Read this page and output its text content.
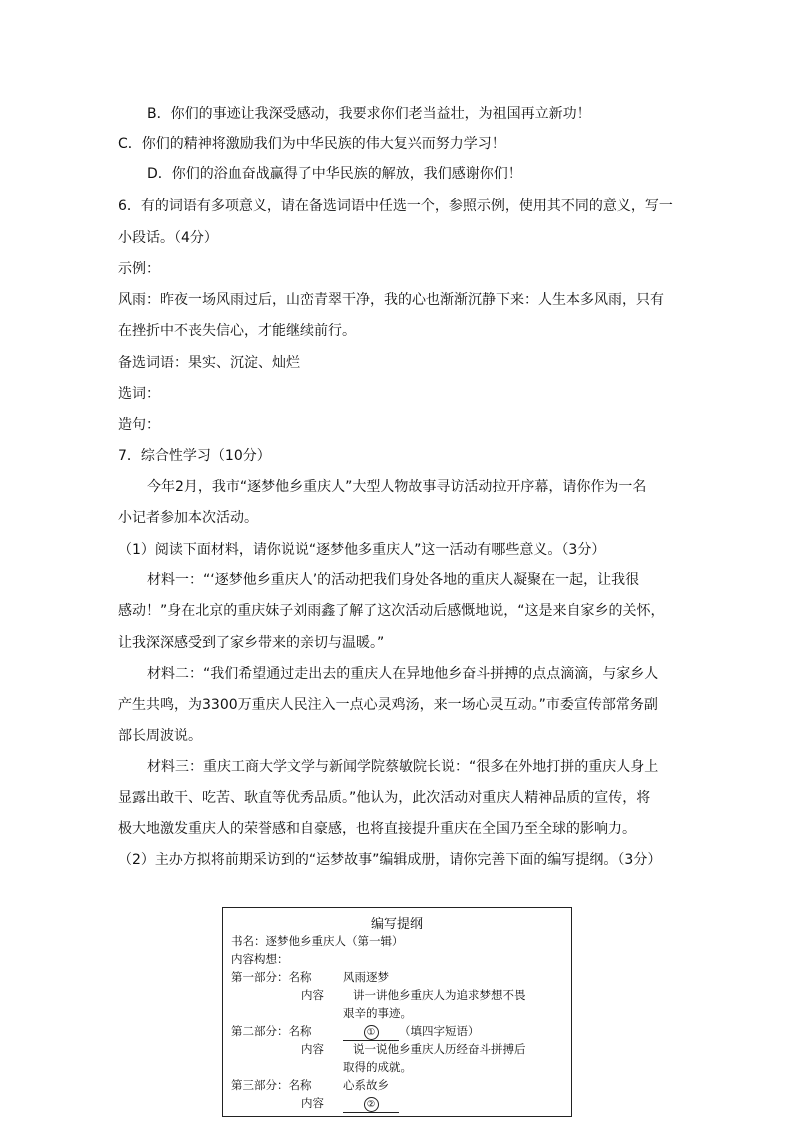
B．你们的事迹让我深受感动，我要求你们老当益壮，为祖国再立新功！
C．你们的精神将激励我们为中华民族的伟大复兴而努力学习！
D．你们的浴血奋战赢得了中华民族的解放，我们感谢你们！
6．有的词语有多项意义，请在备选词语中任选一个，参照示例，使用其不同的意义，写一
小段话。（4分）
示例：
风雨：昨夜一场风雨过后，山峦青翠干净，我的心也渐渐沉静下来：人生本多风雨，只有
在挫折中不丧失信心，才能继续前行。
备选词语：果实、沉淀、灿烂
选词：
造句：
7．综合性学习（10分）
今年2月，我市“逐梦他乡重庆人”大型人物故事寻访活动拉开序幕，请你作为一名
小记者参加本次活动。
（1）阅读下面材料，请你说说“逐梦他多重庆人”这一活动有哪些意义。（3分）
材料一：“‘逐梦他乡重庆人’的活动把我们身处各地的重庆人凝聚在一起，让我很
感动！”身在北京的重庆妹子刘雨鑫了解了这次活动后感慨地说，“这是来自家乡的关怀，
让我深深感受到了家乡带来的亲切与温暖。”
材料二：“我们希望通过走出去的重庆人在异地他乡奋斗拼搏的点点滴滴，与家乡人
产生共鸣，为3300万重庆人民注入一点心灵鸡汤，来一场心灵互动。”市委宣传部常务副
部长周波说。
材料三：重庆工商大学文学与新闻学院蔡敏院长说：“很多在外地打拼的重庆人身上
显露出敢干、吃苦、耿直等优秀品质。”他认为，此次活动对重庆人精神品质的宣传，将
极大地激发重庆人的荣誉感和自豪感，也将直接提升重庆在全国乃至全球的影响力。
（2）主办方拟将前期采访到的“运梦故事”编辑成册，请你完善下面的编写提纲。（3分）
编写提纲
书名：逐梦他乡重庆人（第一辑）
内容构想：
第一部分：名称	风雨逐梦
内容	讲一讲他乡重庆人为追求梦想不畏
艰辛的事迹。
第二部分：名称	① （填四字短语）
内容	说一说他乡重庆人历经奋斗拼搏后
取得的成就。
第三部分：名称	心系故乡
内容	②
